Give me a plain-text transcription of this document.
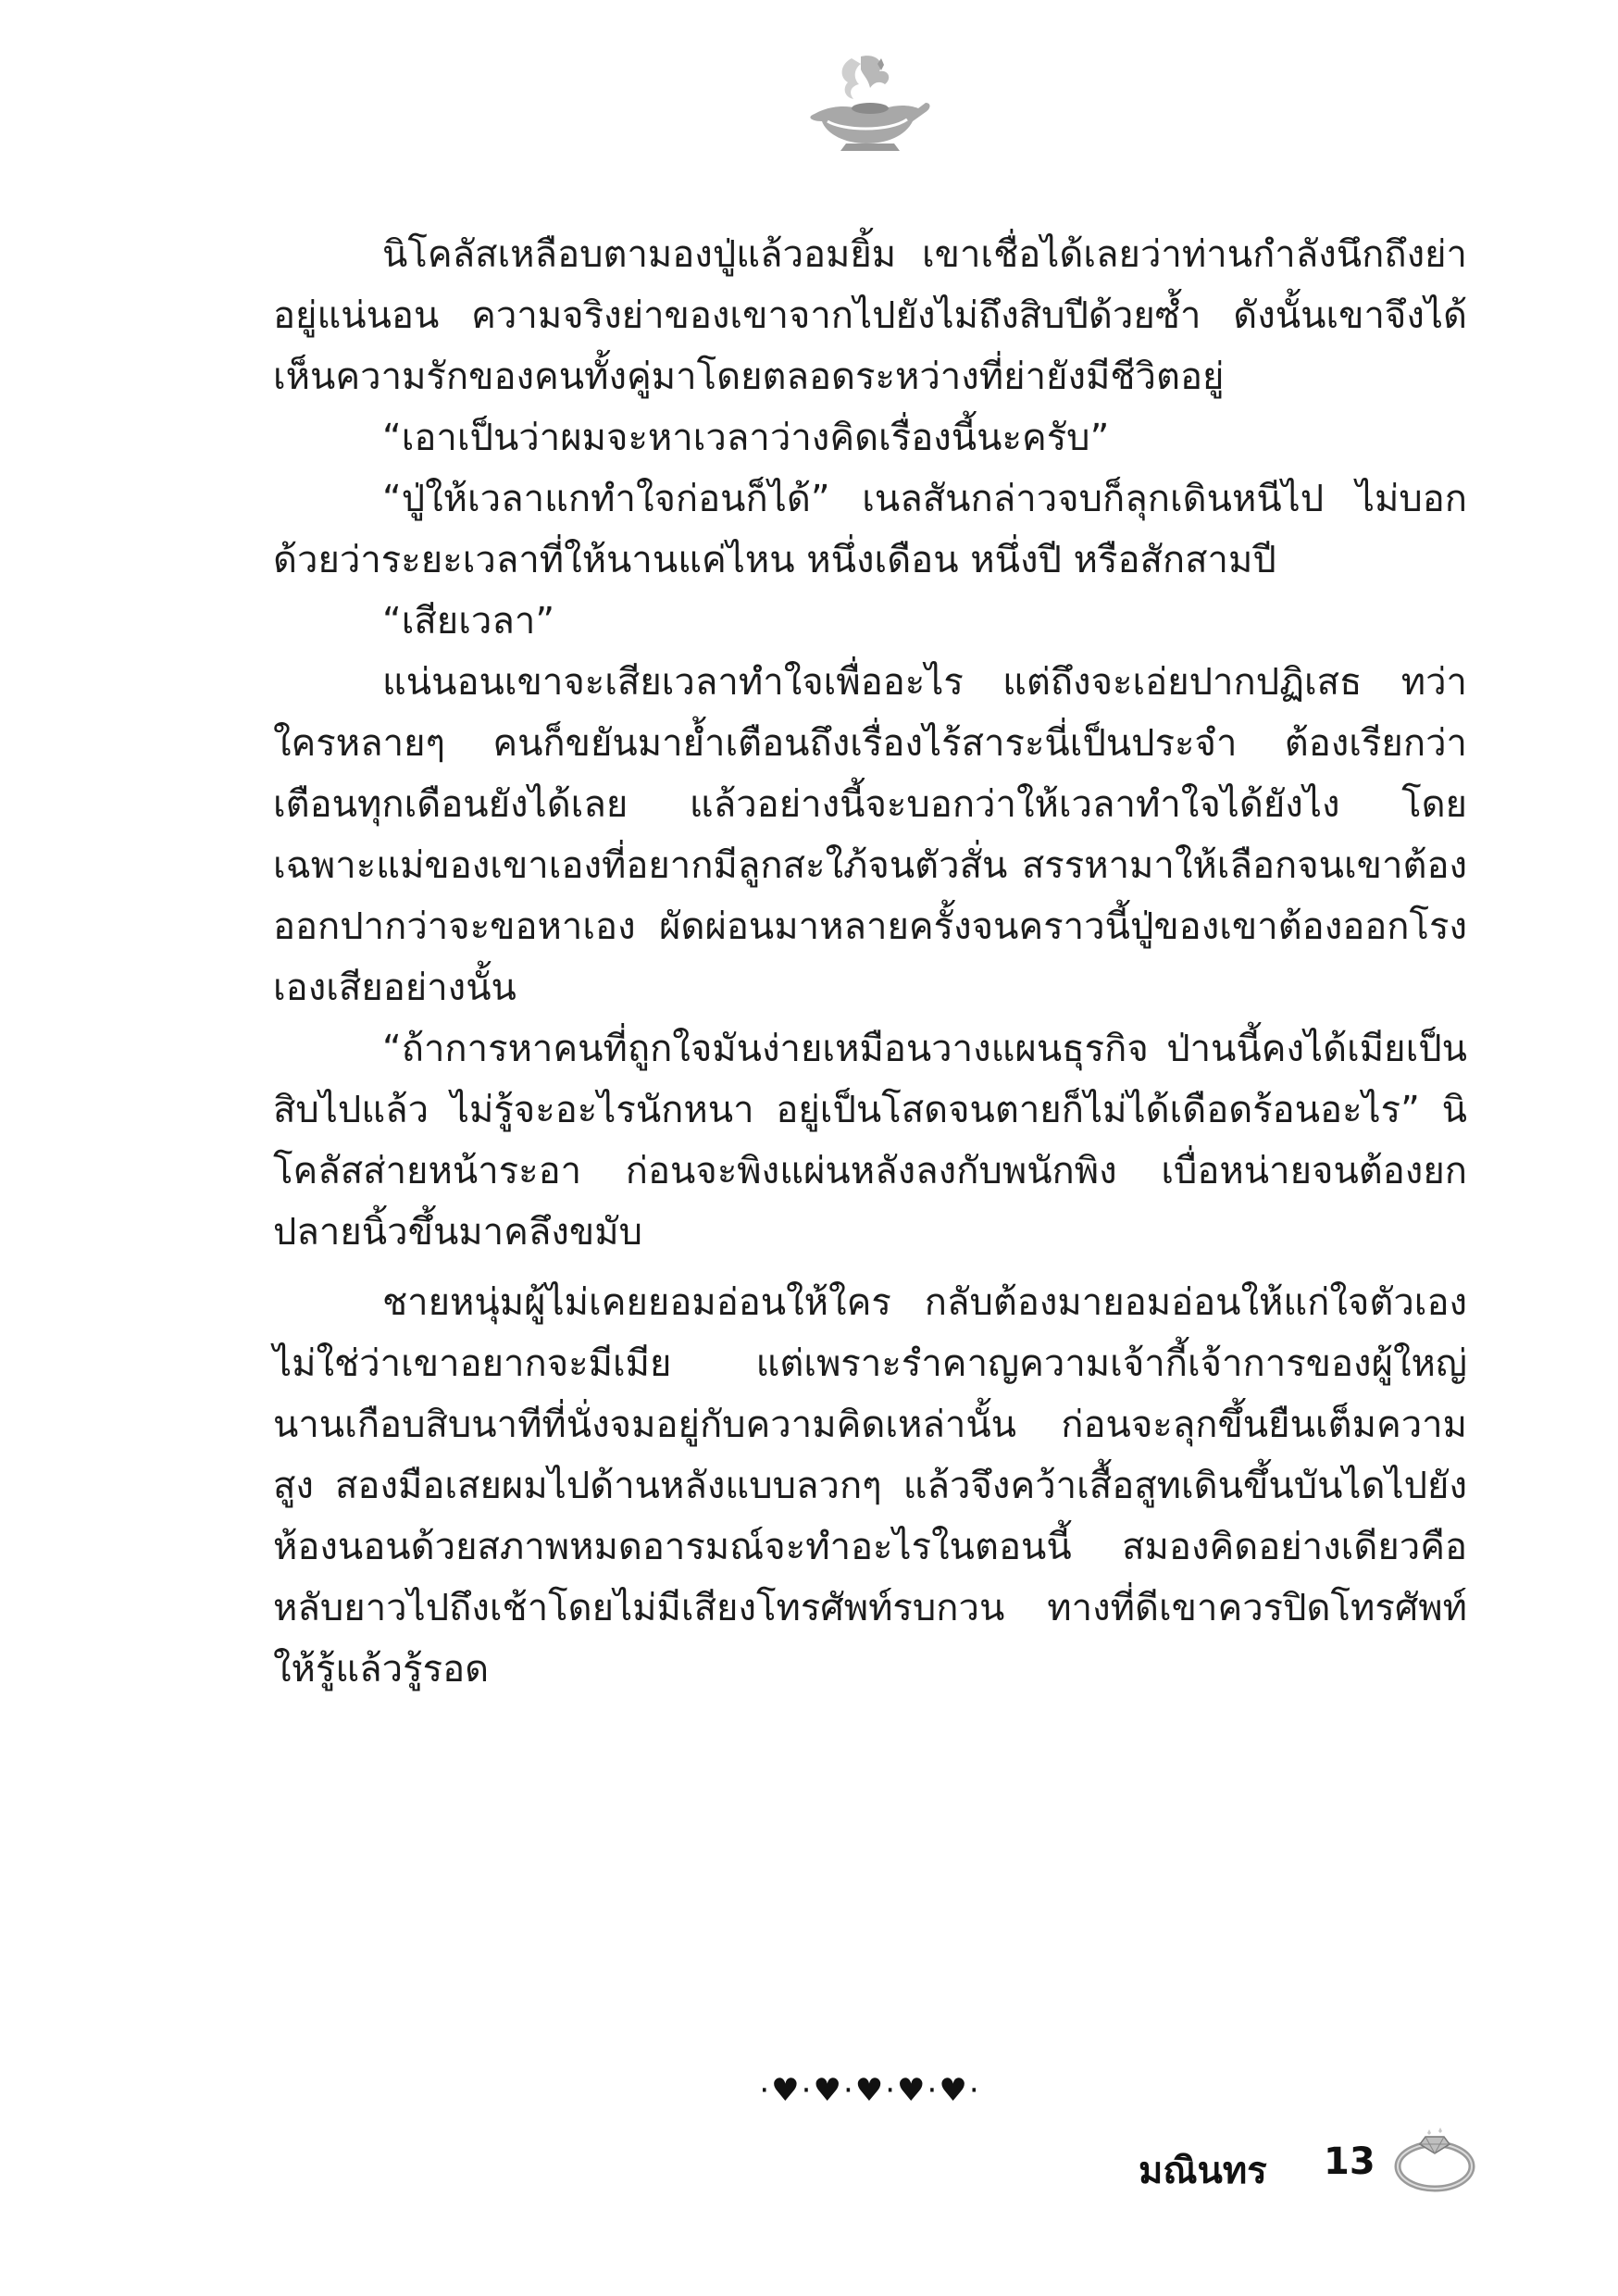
นิโคลัสเหลือบตามองปู่แล้วอมยิ้ม เขาเชื่อได้เลยว่าท่านกำลังนึกถึงย่าอยู่แน่นอน ความจริงย่าของเขาจากไปยังไม่ถึงสิบปีด้วยซ้ำ ดังนั้นเขาจึงได้เห็นความรักของคนทั้งคู่มาโดยตลอดระหว่างที่ย่ายังมีชีวิตอยู่

“เอาเป็นว่าผมจะหาเวลาว่างคิดเรื่องนี้นะครับ”

“ปู่ให้เวลาแกทำใจก่อนก็ได้” เนลสันกล่าวจบก็ลุกเดินหนีไป ไม่บอกด้วยว่าระยะเวลาที่ให้นานแค่ไหน หนึ่งเดือน หนึ่งปี หรือสักสามปี

“เสียเวลา”

แน่นอนเขาจะเสียเวลาทำใจเพื่ออะไร แต่ถึงจะเอ่ยปากปฏิเสธ ทว่าใครหลายๆ คนก็ขยันมาย้ำเตือนถึงเรื่องไร้สาระนี่เป็นประจำ ต้องเรียกว่าเตือนทุกเดือนยังได้เลย แล้วอย่างนี้จะบอกว่าให้เวลาทำใจได้ยังไง โดยเฉพาะแม่ของเขาเองที่อยากมีลูกสะใภ้จนตัวสั่น สรรหามาให้เลือกจนเขาต้องออกปากว่าจะขอหาเอง ผัดผ่อนมาหลายครั้งจนคราวนี้ปู่ของเขาต้องออกโรงเองเสียอย่างนั้น

“ถ้าการหาคนที่ถูกใจมันง่ายเหมือนวางแผนธุรกิจ ป่านนี้คงได้เมียเป็นสิบไปแล้ว ไม่รู้จะอะไรนักหนา อยู่เป็นโสดจนตายก็ไม่ได้เดือดร้อนอะไร” นิโคลัสส่ายหน้าระอา ก่อนจะพิงแผ่นหลังลงกับพนักพิง เบื่อหน่ายจนต้องยกปลายนิ้วขึ้นมาคลึงขมับ

ชายหนุ่มผู้ไม่เคยยอมอ่อนให้ใคร กลับต้องมายอมอ่อนให้แก่ใจตัวเอง ไม่ใช่ว่าเขาอยากจะมีเมีย แต่เพราะรำคาญความเจ้ากี้เจ้าการของผู้ใหญ่ นานเกือบสิบนาทีที่นั่งจมอยู่กับความคิดเหล่านั้น ก่อนจะลุกขึ้นยืนเต็มความสูง สองมือเสยผมไปด้านหลังแบบลวกๆ แล้วจึงคว้าเสื้อสูทเดินขึ้นบันไดไปยังห้องนอนด้วยสภาพหมดอารมณ์จะทำอะไรในตอนนี้ สมองคิดอย่างเดียวคือหลับยาวไปถึงเช้าโดยไม่มีเสียงโทรศัพท์รบกวน ทางที่ดีเขาควรปิดโทรศัพท์ให้รู้แล้วรู้รอด

·♥·♥·♥·♥·♥·
มณินทร 13
